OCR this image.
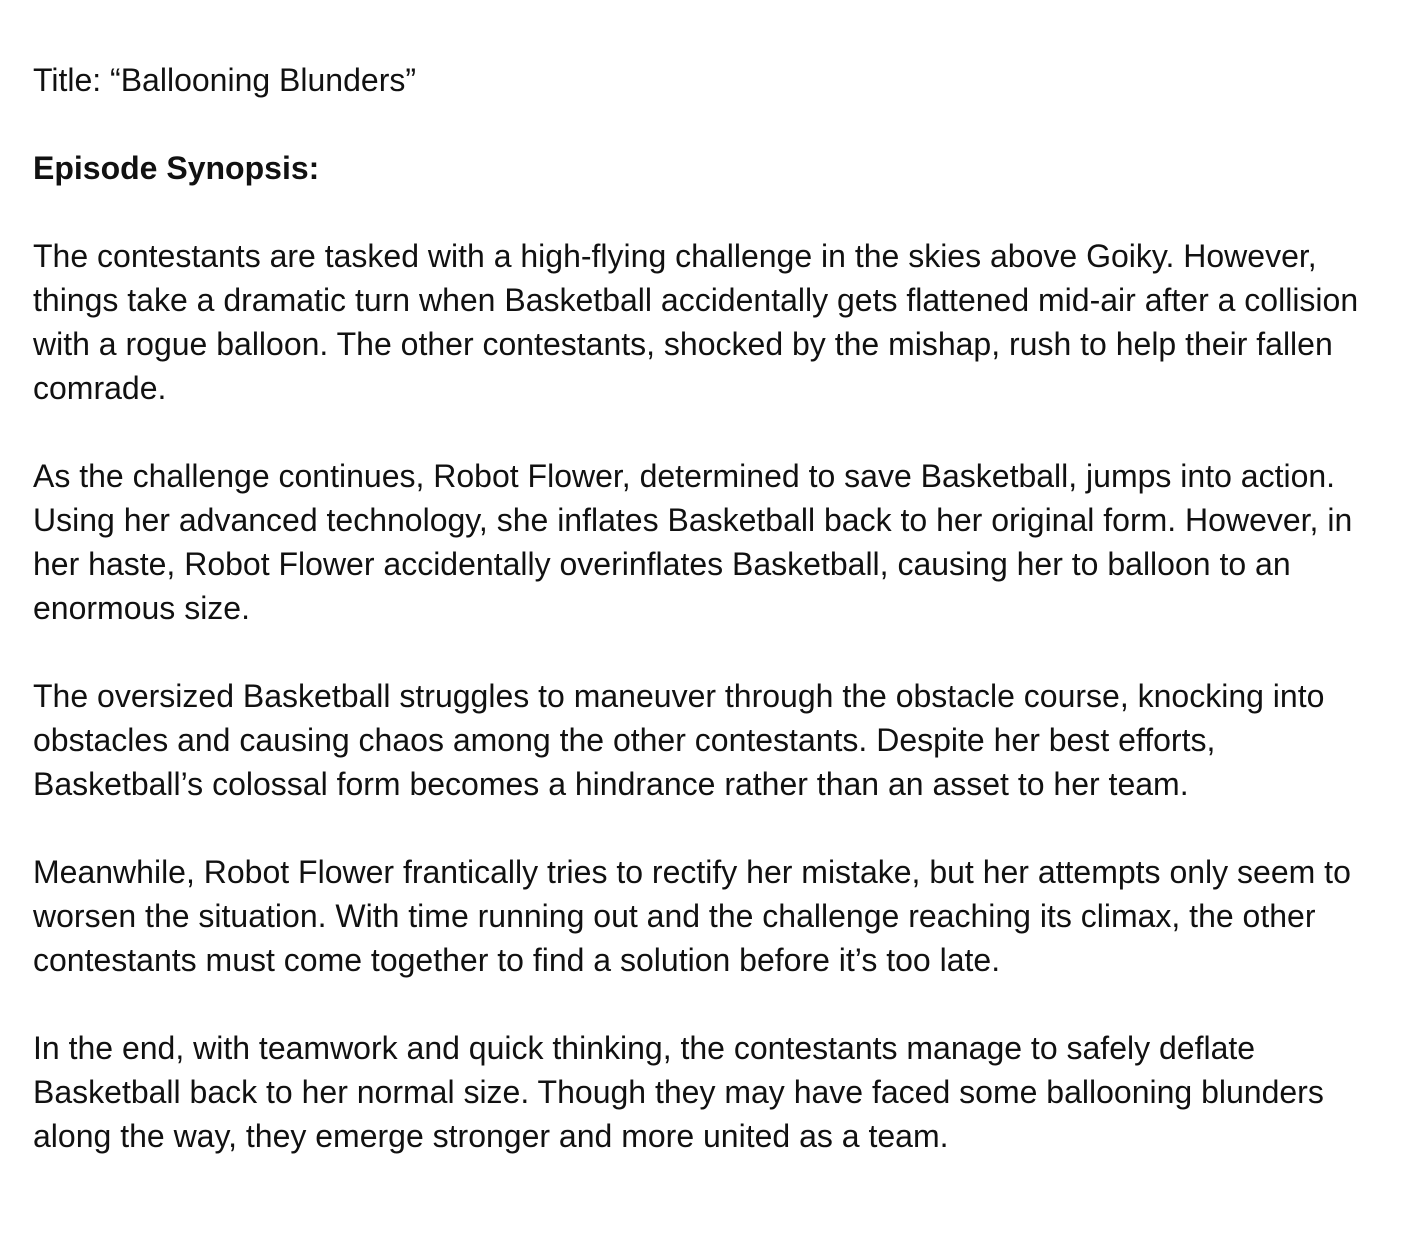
Title: “Ballooning Blunders”

Episode Synopsis:

The contestants are tasked with a high-flying challenge in the skies above Goiky. However, things take a dramatic turn when Basketball accidentally gets flattened mid-air after a collision with a rogue balloon. The other contestants, shocked by the mishap, rush to help their fallen comrade.

As the challenge continues, Robot Flower, determined to save Basketball, jumps into action. Using her advanced technology, she inflates Basketball back to her original form. However, in her haste, Robot Flower accidentally overinflates Basketball, causing her to balloon to an enormous size.

The oversized Basketball struggles to maneuver through the obstacle course, knocking into obstacles and causing chaos among the other contestants. Despite her best efforts, Basketball’s colossal form becomes a hindrance rather than an asset to her team.

Meanwhile, Robot Flower frantically tries to rectify her mistake, but her attempts only seem to worsen the situation. With time running out and the challenge reaching its climax, the other contestants must come together to find a solution before it’s too late.

In the end, with teamwork and quick thinking, the contestants manage to safely deflate Basketball back to her normal size. Though they may have faced some ballooning blunders along the way, they emerge stronger and more united as a team.
